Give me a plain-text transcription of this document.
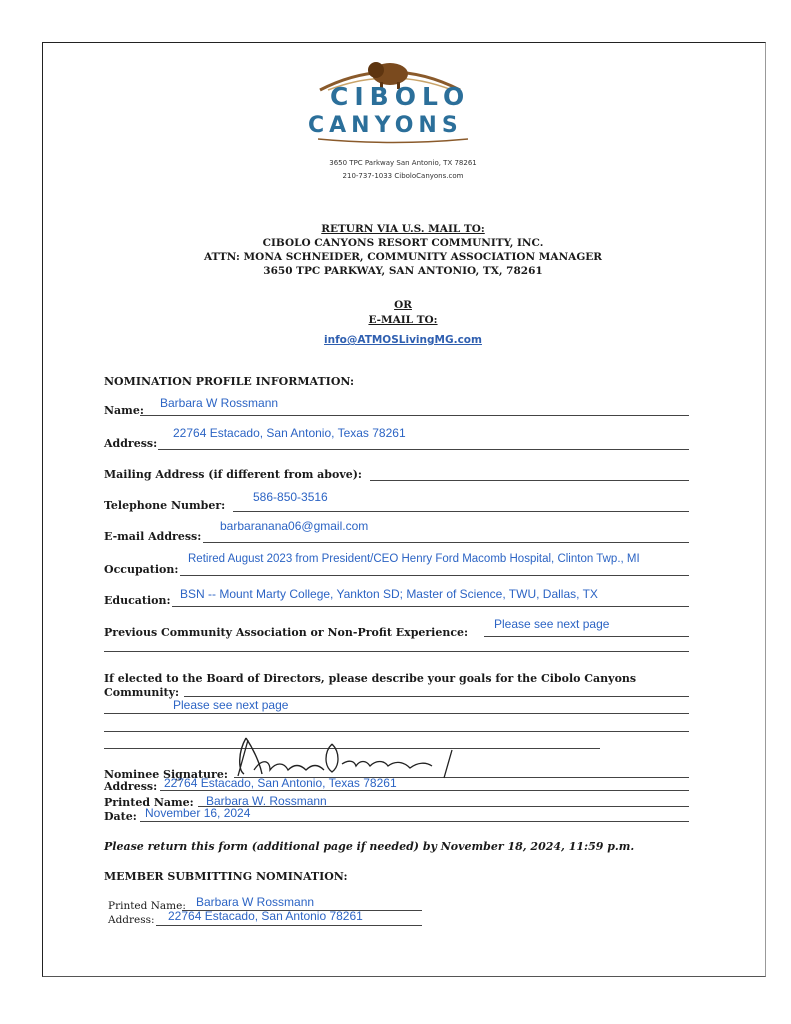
CIBOLO
CANYONS
3650 TPC Parkway San Antonio, TX 78261
210-737-1033 CiboloCanyons.com
RETURN VIA U.S. MAIL TO:
CIBOLO CANYONS RESORT COMMUNITY, INC.
ATTN: MONA SCHNEIDER, COMMUNITY ASSOCIATION MANAGER
3650 TPC PARKWAY, SAN ANTONIO, TX, 78261
OR
E-MAIL TO:
info@ATMOSLivingMG.com
NOMINATION PROFILE INFORMATION:
Name:
Barbara W Rossmann
Address:
22764 Estacado, San Antonio, Texas 78261
Mailing Address (if different from above):
Telephone Number:
586-850-3516
E-mail Address:
barbaranana06@gmail.com
Occupation:
Retired August 2023 from President/CEO Henry Ford Macomb Hospital, Clinton Twp., MI
Education: BSN -- Mount Marty College, Yankton SD; Master of Science, TWU, Dallas, TX
Previous Community Association or Non-Profit Experience:
Please see next page
If elected to the Board of Directors, please describe your goals for the Cibolo Canyons
Community:
Please see next page
Nominee Signature:
Address: 22764 Estacado, San Antonio, Texas 78261
Printed Name: Barbara W. Rossmann
Date: November 16, 2024
Please return this form (additional page if needed) by November 18, 2024, 11:59 p.m.
MEMBER SUBMITTING NOMINATION:
Printed Name: Barbara W Rossmann
Address: 22764 Estacado, San Antonio 78261
